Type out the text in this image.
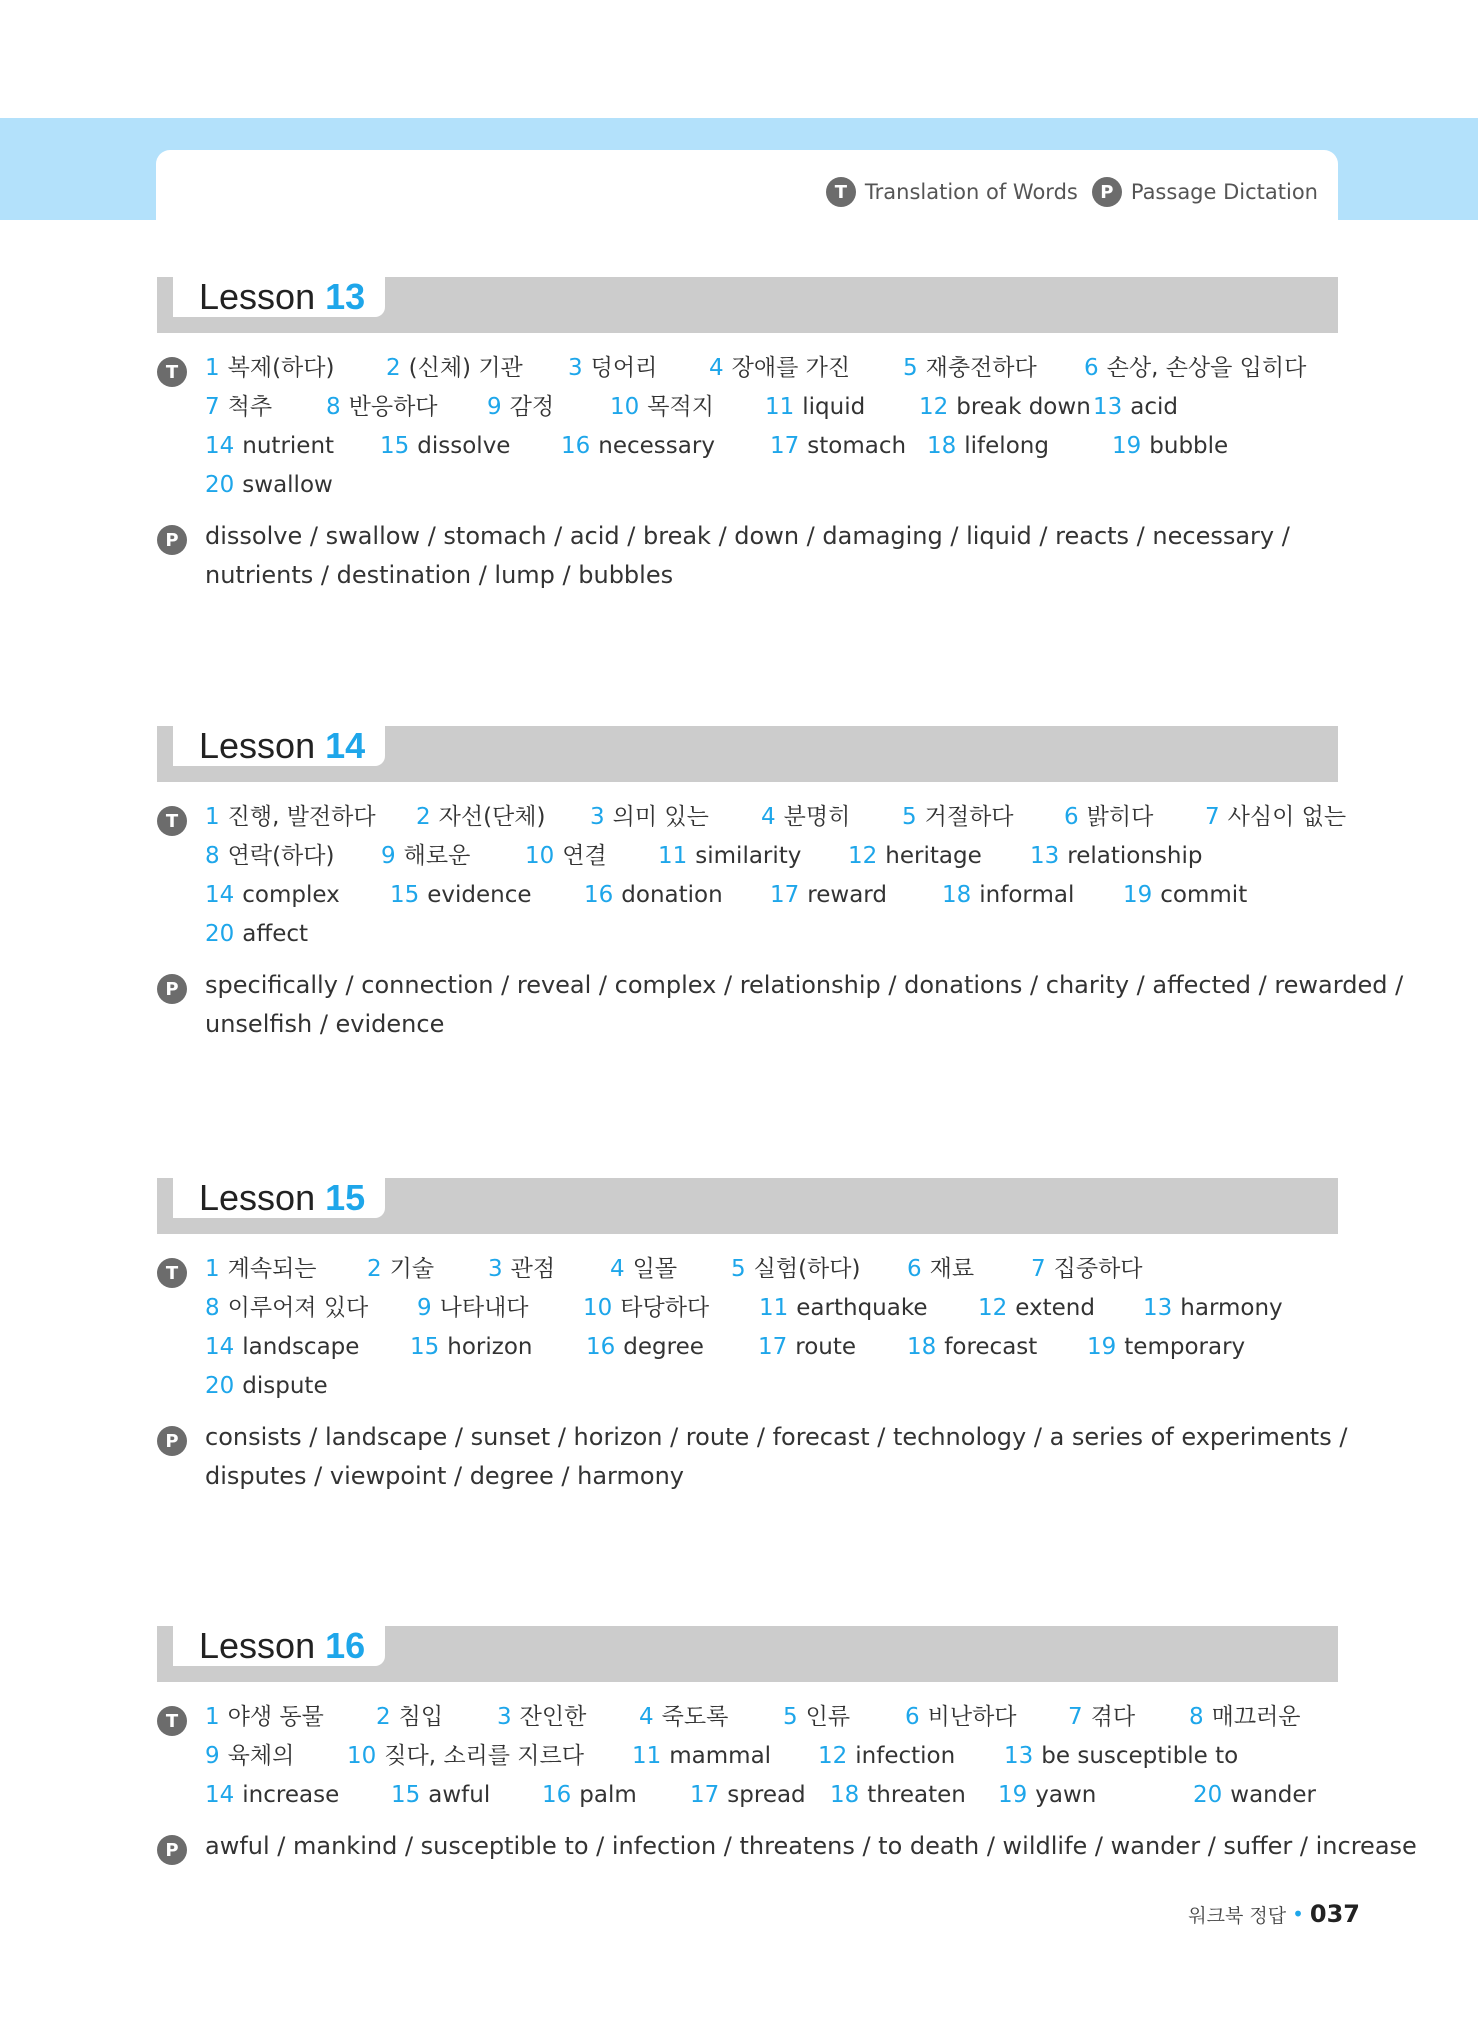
T Translation of Words	P Passage Dictation
Lesson 13
T	1 복제(하다) 2 (신체) 기관 3 덩어리 4 장애를 가진 5 재충전하다 6 손상, 손상을 입히다
7 척추 8 반응하다 9 감정 10 목적지 11 liquid 12 break down 13 acid
14 nutrient 15 dissolve 16 necessary 17 stomach 18 lifelong	19 bubble
20 swallow
P	dissolve / swallow / stomach / acid / break / down / damaging / liquid / reacts / necessary /
nutrients / destination / lump / bubbles
Lesson 14
T	1 진행, 발전하다 2 자선(단체) 3 의미 있는 4 분명히 5 거절하다 6 밝히다 7 사심이 없는
8 연락(하다) 9 해로운 10 연결 11 similarity 12 heritage 13 relationship
14 complex 15 evidence 16 donation 17 reward 18 informal 19 commit
20 affect
P	specifically / connection / reveal / complex / relationship / donations / charity / affected / rewarded /
unselfish / evidence
Lesson 15
T	1 계속되는 2 기술 3 관점 4 일몰 5 실험(하다) 6 재료 7 집중하다
8 이루어져 있다 9 나타내다 10 타당하다 11 earthquake 12 extend 13 harmony
14 landscape 15 horizon 16 degree 17 route 18 forecast 19 temporary
20 dispute
P	consists / landscape / sunset / horizon / route / forecast / technology / a series of experiments /
disputes / viewpoint / degree / harmony
Lesson 16
T	1 야생 동물 2 침입 3 잔인한 4 죽도록 5 인류 6 비난하다 7 겪다 8 매끄러운
9 육체의 10 짖다, 소리를 지르다 11 mammal 12 infection 13 be susceptible to
14 increase 15 awful 16 palm 17 spread 18 threaten 19 yawn	20 wander
P	awful / mankind / susceptible to / infection / threatens / to death / wildlife / wander / suffer / increase
워크북 정답 • 037
